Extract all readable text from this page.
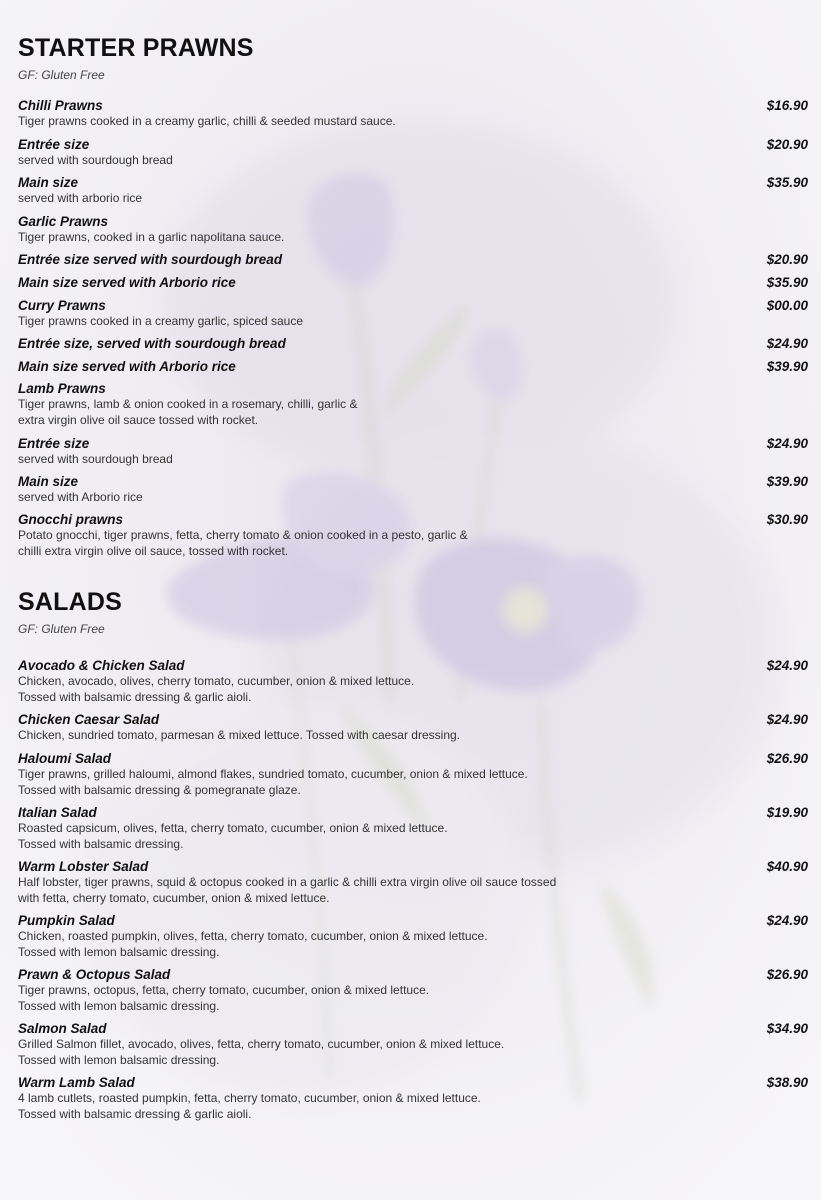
STARTER PRAWNS
GF: Gluten Free
Chilli Prawns
Tiger prawns cooked in a creamy garlic, chilli & seeded mustard sauce.
$16.90
Entrée size
served with sourdough bread
$20.90
Main size
served with arborio rice
$35.90
Garlic Prawns
Tiger prawns, cooked in a garlic napolitana sauce.
Entrée size served with sourdough bread	$20.90
Main size served with Arborio rice	$35.90
Curry Prawns
Tiger prawns cooked in a creamy garlic, spiced sauce
$00.00
Entrée size, served with sourdough bread	$24.90
Main size served with Arborio rice	$39.90
Lamb Prawns
Tiger prawns, lamb & onion cooked in a rosemary, chilli, garlic &
extra virgin olive oil sauce tossed with rocket.
Entrée size
served with sourdough bread
$24.90
Main size
served with Arborio rice
$39.90
Gnocchi prawns
Potato gnocchi, tiger prawns, fetta, cherry tomato & onion cooked in a pesto, garlic &
chilli extra virgin olive oil sauce, tossed with rocket.
$30.90
SALADS
GF: Gluten Free
Avocado & Chicken Salad
Chicken, avocado, olives, cherry tomato, cucumber, onion & mixed lettuce.
Tossed with balsamic dressing & garlic aioli.
$24.90
Chicken Caesar Salad
Chicken, sundried tomato, parmesan & mixed lettuce. Tossed with caesar dressing.
$24.90
Haloumi Salad
Tiger prawns, grilled haloumi, almond flakes, sundried tomato, cucumber, onion & mixed lettuce.
Tossed with balsamic dressing & pomegranate glaze.
$26.90
Italian Salad
Roasted capsicum, olives, fetta, cherry tomato, cucumber, onion & mixed lettuce.
Tossed with balsamic dressing.
$19.90
Warm Lobster Salad
Half lobster, tiger prawns, squid & octopus cooked in a garlic & chilli extra virgin olive oil sauce tossed
with fetta, cherry tomato, cucumber, onion & mixed lettuce.
$40.90
Pumpkin Salad
Chicken, roasted pumpkin, olives, fetta, cherry tomato, cucumber, onion & mixed lettuce.
Tossed with lemon balsamic dressing.
$24.90
Prawn & Octopus Salad
Tiger prawns, octopus, fetta, cherry tomato, cucumber, onion & mixed lettuce.
Tossed with lemon balsamic dressing.
$26.90
Salmon Salad
Grilled Salmon fillet, avocado, olives, fetta, cherry tomato, cucumber, onion & mixed lettuce.
Tossed with lemon balsamic dressing.
$34.90
Warm Lamb Salad
4 lamb cutlets, roasted pumpkin, fetta, cherry tomato, cucumber, onion & mixed lettuce.
Tossed with balsamic dressing & garlic aioli.
$38.90
